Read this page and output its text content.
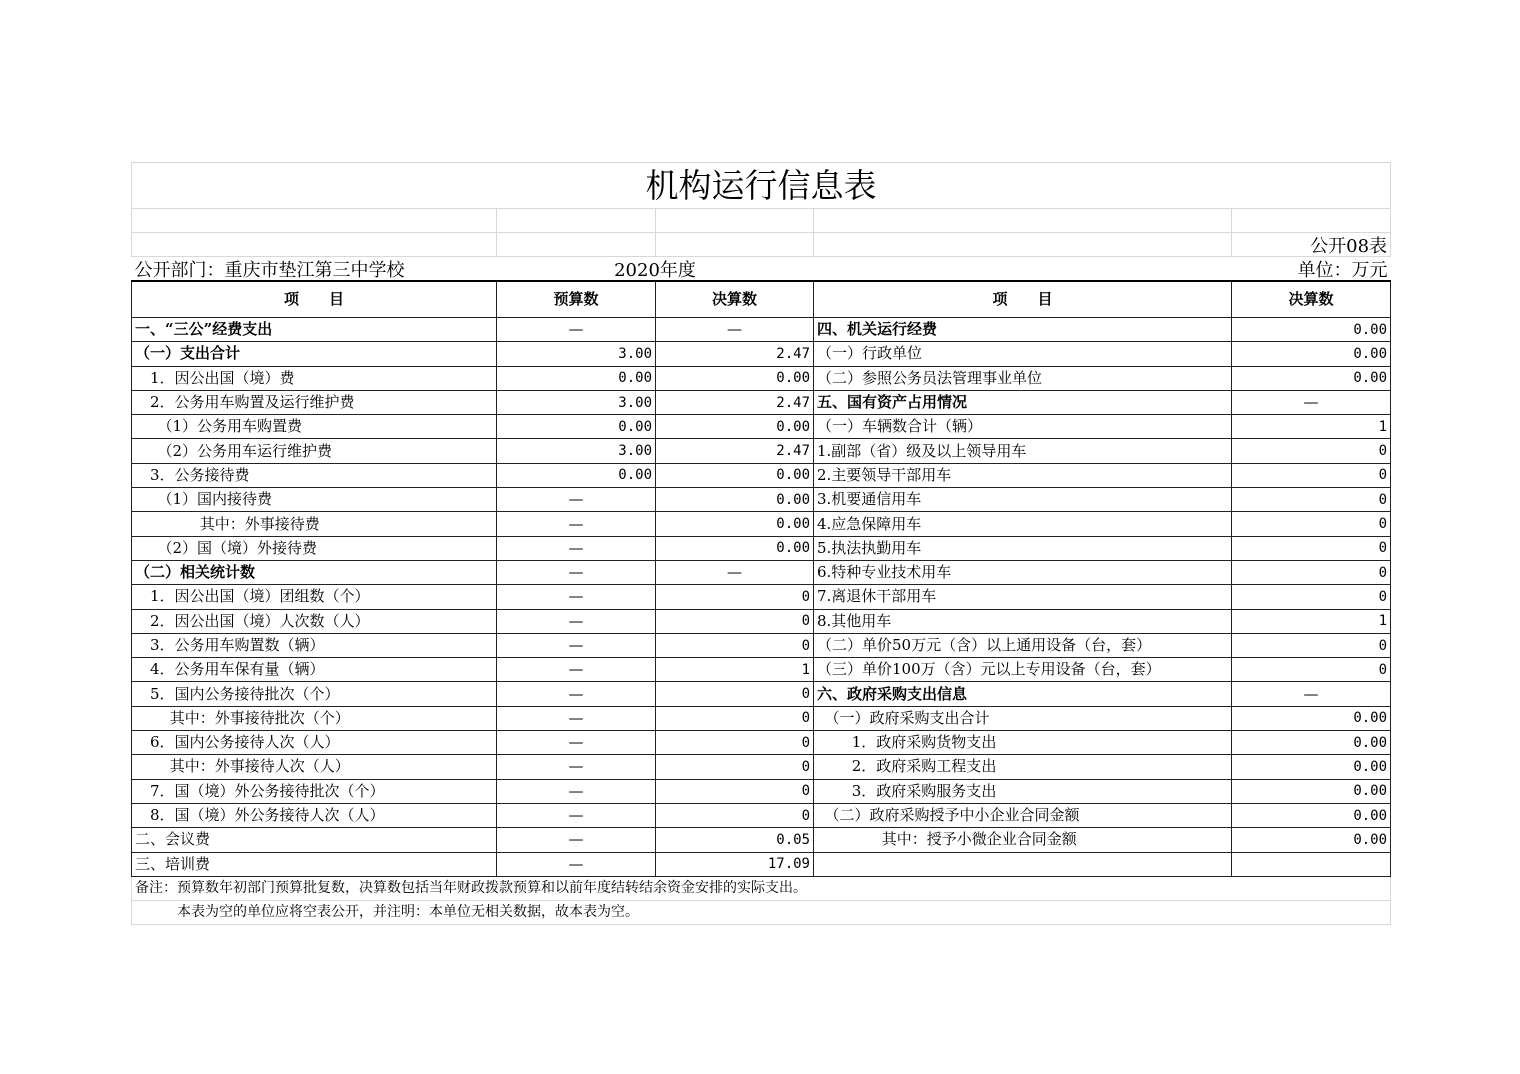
机构运行信息表				

				公开08表
公开部门：重庆市垫江第三中学校	2020年度			单位：万元
项　　目	预算数	决算数	项　　目	决算数
一、“三公”经费支出	—	—	四、机关运行经费	0.00
（一）支出合计	3.00	2.47	（一）行政单位	0.00
　1．因公出国（境）费	0.00	0.00	（二）参照公务员法管理事业单位	0.00
　2．公务用车购置及运行维护费	3.00	2.47	五、国有资产占用情况	—
　　（1）公务用车购置费	0.00	0.00	（一）车辆数合计（辆）	1
　　（2）公务用车运行维护费	3.00	2.47	1.副部（省）级及以上领导用车	0
　3．公务接待费	0.00	0.00	2.主要领导干部用车	0
　　（1）国内接待费	—	0.00	3.机要通信用车	0
　　　　 其中：外事接待费	—	0.00	4.应急保障用车	0
　　（2）国（境）外接待费	—	0.00	5.执法执勤用车	0
（二）相关统计数	—	—	6.特种专业技术用车	0
　1．因公出国（境）团组数（个）	—	0	7.离退休干部用车	0
　2．因公出国（境）人次数（人）	—	0	8.其他用车	1
　3．公务用车购置数（辆）	—	0	（二）单价50万元（含）以上通用设备（台，套）	0
　4．公务用车保有量（辆）	—	1	（三）单价100万（含）元以上专用设备（台，套）	0
　5．国内公务接待批次（个）	—	0	六、政府采购支出信息	—
　　 其中：外事接待批次（个）	—	0	　（一）政府采购支出合计	0.00
　6．国内公务接待人次（人）	—	0	　　 1．政府采购货物支出	0.00
　　 其中：外事接待人次（人）	—	0	　　 2．政府采购工程支出	0.00
　7．国（境）外公务接待批次（个）	—	0	　　 3．政府采购服务支出	0.00
　8．国（境）外公务接待人次（人）	—	0	　（二）政府采购授予中小企业合同金额	0.00
二、会议费	—	0.05	　　　　 其中：授予小微企业合同金额	0.00
三、培训费	—	17.09		
备注：预算数年初部门预算批复数，决算数包括当年财政拨款预算和以前年度结转结余资金安排的实际支出。				
　　　本表为空的单位应将空表公开，并注明：本单位无相关数据，故本表为空。				
